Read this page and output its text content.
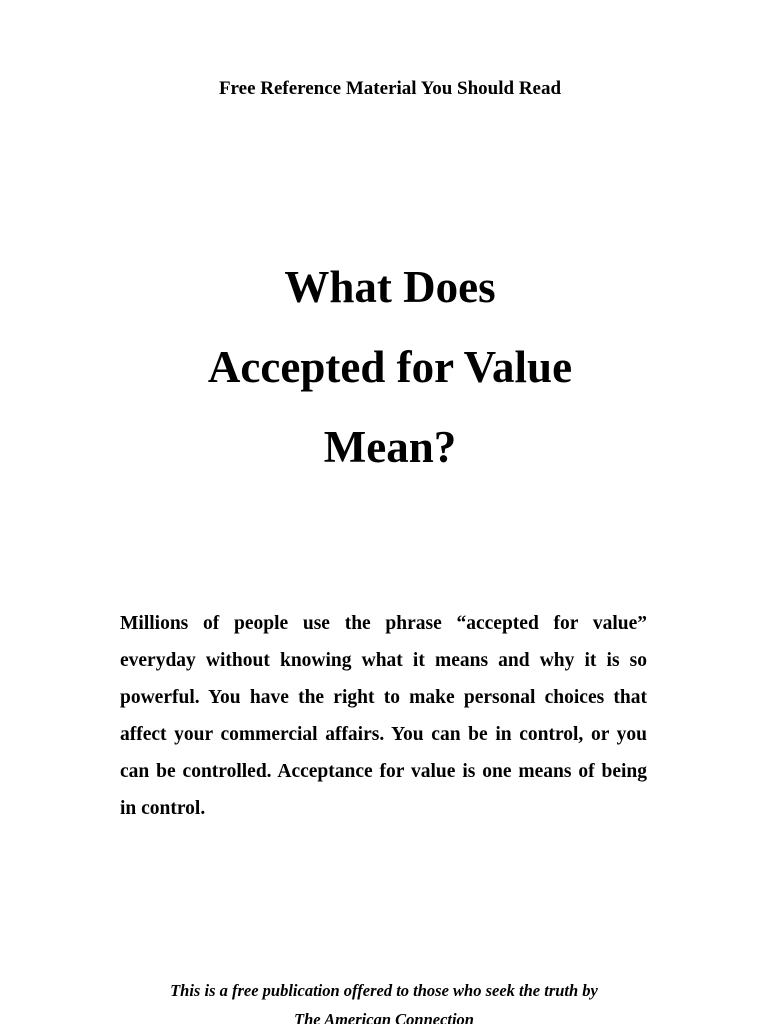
Free Reference Material You Should Read
What Does
Accepted for Value
Mean?
Millions of people use the phrase “accepted for value” everyday without knowing what it means and why it is so powerful. You have the right to make personal choices that affect your commercial affairs. You can be in control, or you can be controlled. Acceptance for value is one means of being in control.
This is a free publication offered to those who seek the truth by
The American Connection
